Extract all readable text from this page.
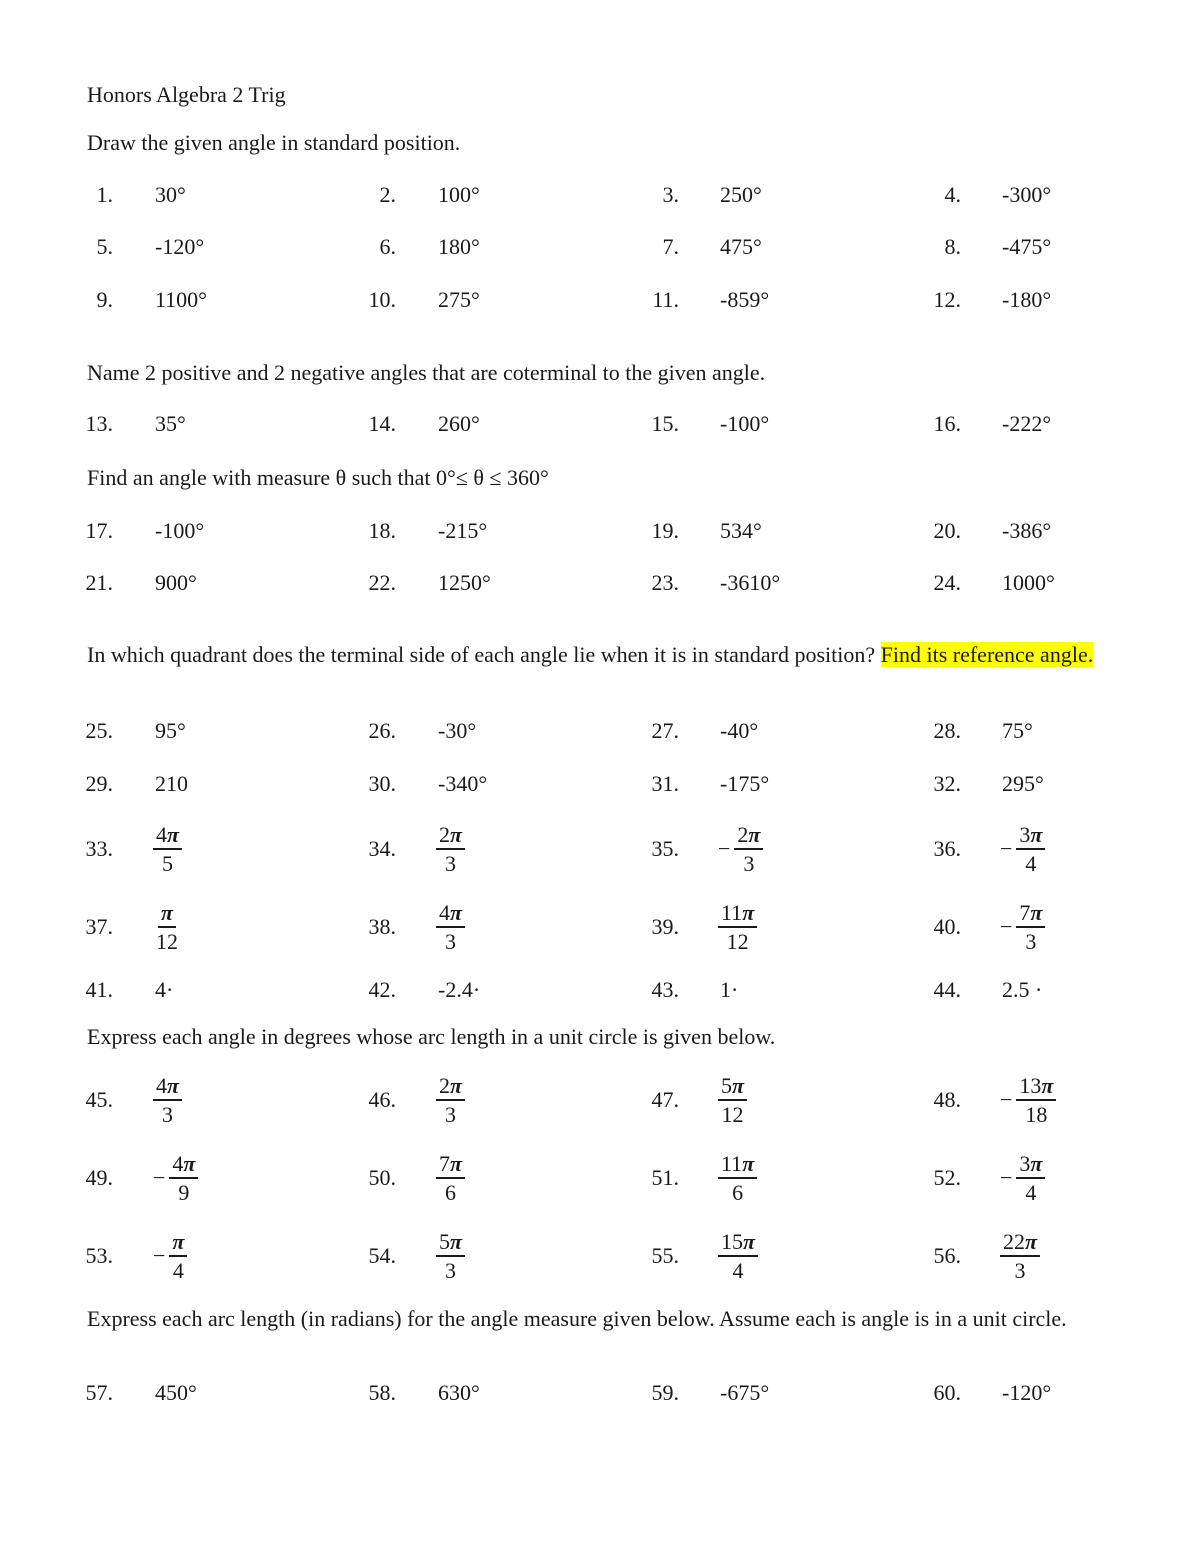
Honors Algebra 2 Trig
Draw the given angle in standard position.
1. 30°	2. 100°	3. 250°	4. -300°
5. -120°	6. 180°	7. 475°	8. -475°
9. 1100°	10. 275°	11. -859°	12. -180°
Name 2 positive and 2 negative angles that are coterminal to the given angle.
13. 35°	14. 260°	15. -100°	16. -222°
Find an angle with measure θ such that 0°≤ θ ≤ 360°
17. -100°	18. -215°	19. 534°	20. -386°
21. 900°	22. 1250°	23. -3610°	24. 1000°
In which quadrant does the terminal side of each angle lie when it is in standard position? Find its reference angle.
25. 95°	26. -30°	27. -40°	28. 75°
29. 210	30. -340°	31. -175°	32. 295°
33. $\frac{4\pi}{5}$	34. $\frac{2\pi}{3}$	35. − $\frac{2\pi}{3}$	36. − $\frac{3\pi}{4}$
37. $\frac{\pi}{12}$	38. $\frac{4\pi}{3}$	39. $\frac{11\pi}{12}$	40. − $\frac{7\pi}{3}$
41. 4·	42. -2.4·	43. 1·	44. 2.5 ·
Express each angle in degrees whose arc length in a unit circle is given below.
45. $\frac{4\pi}{3}$	46. $\frac{2\pi}{3}$	47. $\frac{5\pi}{12}$	48. − $\frac{13\pi}{18}$
49. − $\frac{4\pi}{9}$	50. $\frac{7\pi}{6}$	51. $\frac{11\pi}{6}$	52. − $\frac{3\pi}{4}$
53. − $\frac{\pi}{4}$	54. $\frac{5\pi}{3}$	55. $\frac{15\pi}{4}$	56. $\frac{22\pi}{3}$
Express each arc length (in radians) for the angle measure given below. Assume each is angle is in a unit circle.
57. 450°	58. 630°	59. -675°	60. -120°
